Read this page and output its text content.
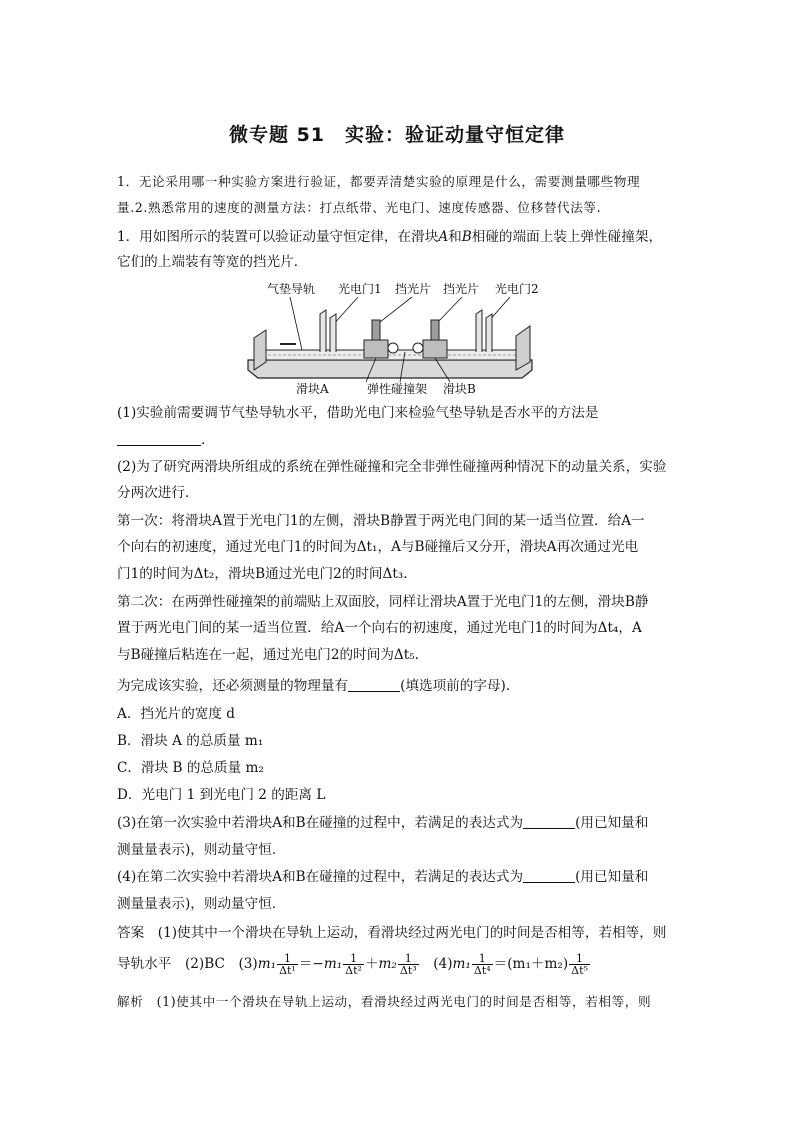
微专题 51　实验：验证动量守恒定律
1．无论采用哪一种实验方案进行验证，都要弄清楚实验的原理是什么，需要测量哪些物理
量.2.熟悉常用的速度的测量方法：打点纸带、光电门、速度传感器、位移替代法等.
1．用如图所示的装置可以验证动量守恒定律，在滑块A和B相碰的端面上装上弹性碰撞架，
它们的上端装有等宽的挡光片．
气垫导轨 光电门1 挡光片 挡光片 光电门2
滑块A	弹性碰撞架 滑块B
(1)实验前需要调节气垫导轨水平，借助光电门来检验气垫导轨是否水平的方法是
.
(2)为了研究两滑块所组成的系统在弹性碰撞和完全非弹性碰撞两种情况下的动量关系，实验
分两次进行．
第一次：将滑块A置于光电门1的左侧，滑块B静置于两光电门间的某一适当位置．给A一
个向右的初速度，通过光电门1的时间为Δt₁，A与B碰撞后又分开，滑块A再次通过光电
门1的时间为Δt₂，滑块B通过光电门2的时间Δt₃.
第二次：在两弹性碰撞架的前端贴上双面胶，同样让滑块A置于光电门1的左侧，滑块B静
置于两光电门间的某一适当位置．给A一个向右的初速度，通过光电门1的时间为Δt₄，A
与B碰撞后粘连在一起，通过光电门2的时间为Δt₅.
为完成该实验，还必须测量的物理量有	(填选项前的字母)．
A．挡光片的宽度 d
B．滑块 A 的总质量 m₁
C．滑块 B 的总质量 m₂
D．光电门 1 到光电门 2 的距离 L
(3)在第一次实验中若滑块A和B在碰撞的过程中，若满足的表达式为	(用已知量和
测量量表示)，则动量守恒．
(4)在第二次实验中若滑块A和B在碰撞的过程中，若满足的表达式为	(用已知量和
测量量表示)，则动量守恒．
答案　(1)使其中一个滑块在导轨上运动，看滑块经过两光电门的时间是否相等，若相等，则
导轨水平　(2)BC　$(3)m_1 \frac{1}{\text{Δt¹}} =-m_1 \frac{1}{\text{Δt²}} +m_2 \frac{1}{\text{Δt³}}$ 　$(4)m_1 \frac{1}{\text{Δt⁴}} =(m_1+m_2) \frac{1}{\text{Δt⁵}}$
解析　(1)使其中一个滑块在导轨上运动，看滑块经过两光电门的时间是否相等，若相等，则
